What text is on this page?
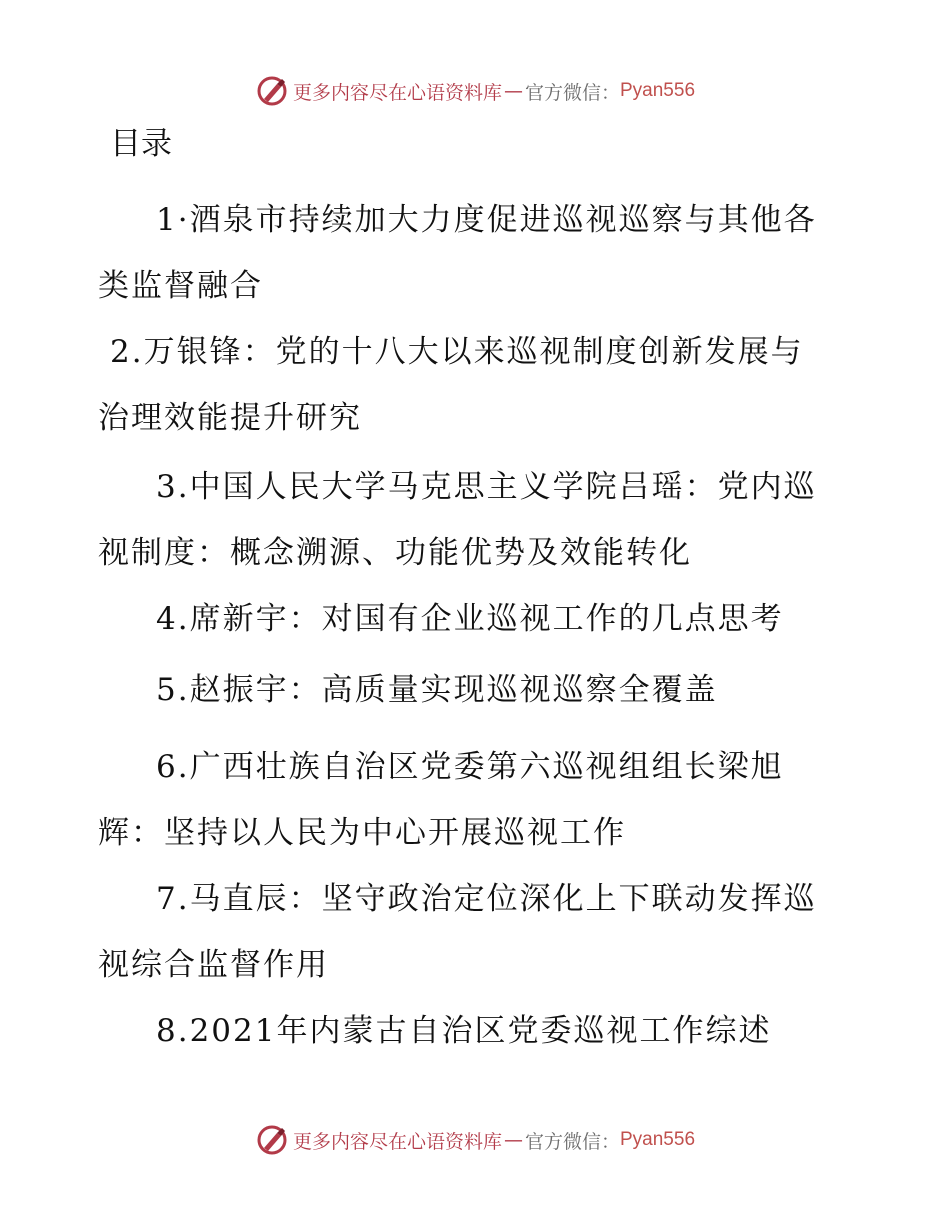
更多内容尽在心语资料库 — 官方微信： Pyan556
目录
1·酒泉市持续加大力度促进巡视巡察与其他各
类监督融合
2.万银锋：党的十八大以来巡视制度创新发展与
治理效能提升研究
3.中国人民大学马克思主义学院吕瑶：党内巡
视制度：概念溯源、功能优势及效能转化
4.席新宇：对国有企业巡视工作的几点思考
5.赵振宇：高质量实现巡视巡察全覆盖
6.广西壮族自治区党委第六巡视组组长梁旭
辉：坚持以人民为中心开展巡视工作
7.马直辰：坚守政治定位深化上下联动发挥巡
视综合监督作用
8.2021年内蒙古自治区党委巡视工作综述
更多内容尽在心语资料库 — 官方微信： Pyan556
